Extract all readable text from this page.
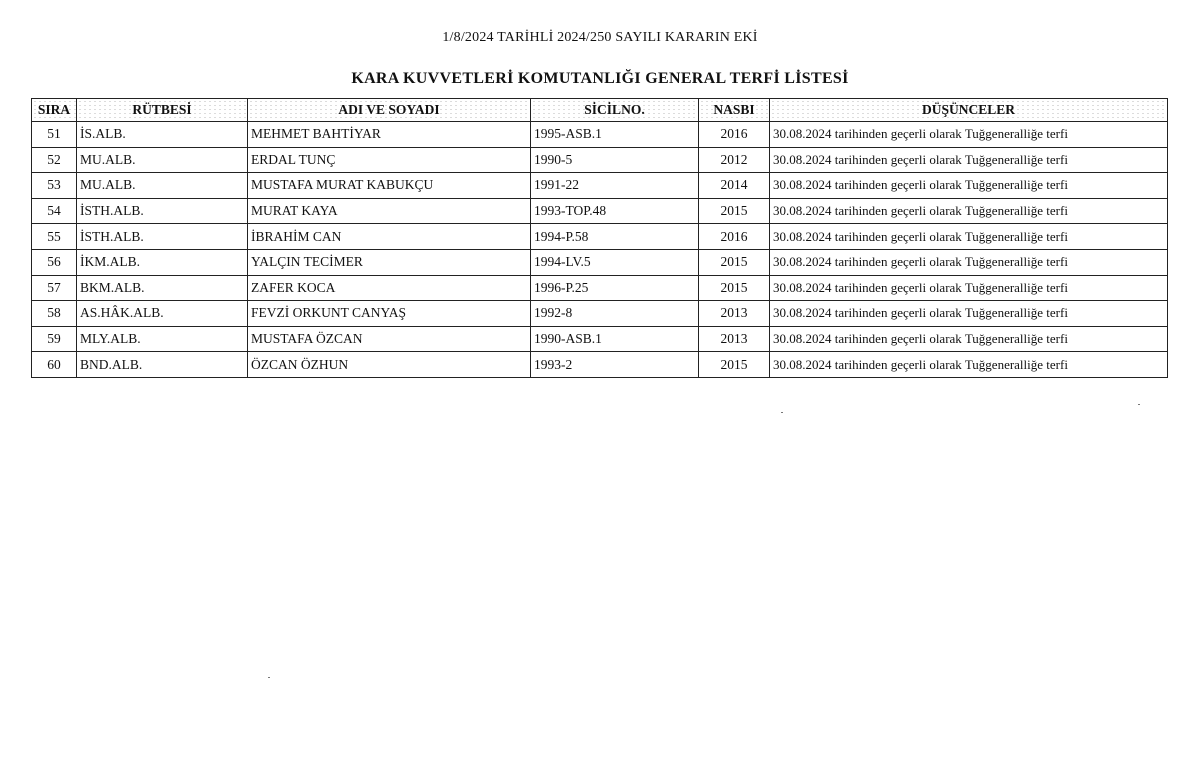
1/8/2024 TARİHLİ 2024/250 SAYILI KARARIN EKİ
KARA KUVVETLERİ KOMUTANLIĞI GENERAL TERFİ LİSTESİ
SIRA	RÜTBESİ	ADI VE SOYADI	SİCİLNO.	NASBI	DÜŞÜNCELER
51	İS.ALB.	MEHMET BAHTİYAR	1995-ASB.1	2016	30.08.2024 tarihinden geçerli olarak Tuğgeneralliğe terfi
52	MU.ALB.	ERDAL TUNÇ	1990-5	2012	30.08.2024 tarihinden geçerli olarak Tuğgeneralliğe terfi
53	MU.ALB.	MUSTAFA MURAT KABUKÇU	1991-22	2014	30.08.2024 tarihinden geçerli olarak Tuğgeneralliğe terfi
54	İSTH.ALB.	MURAT KAYA	1993-TOP.48	2015	30.08.2024 tarihinden geçerli olarak Tuğgeneralliğe terfi
55	İSTH.ALB.	İBRAHİM CAN	1994-P.58	2016	30.08.2024 tarihinden geçerli olarak Tuğgeneralliğe terfi
56	İKM.ALB.	YALÇIN TECİMER	1994-LV.5	2015	30.08.2024 tarihinden geçerli olarak Tuğgeneralliğe terfi
57	BKM.ALB.	ZAFER KOCA	1996-P.25	2015	30.08.2024 tarihinden geçerli olarak Tuğgeneralliğe terfi
58	AS.HÂK.ALB.	FEVZİ ORKUNT CANYAŞ	1992-8	2013	30.08.2024 tarihinden geçerli olarak Tuğgeneralliğe terfi
59	MLY.ALB.	MUSTAFA ÖZCAN	1990-ASB.1	2013	30.08.2024 tarihinden geçerli olarak Tuğgeneralliğe terfi
60	BND.ALB.	ÖZCAN ÖZHUN	1993-2	2015	30.08.2024 tarihinden geçerli olarak Tuğgeneralliğe terfi
